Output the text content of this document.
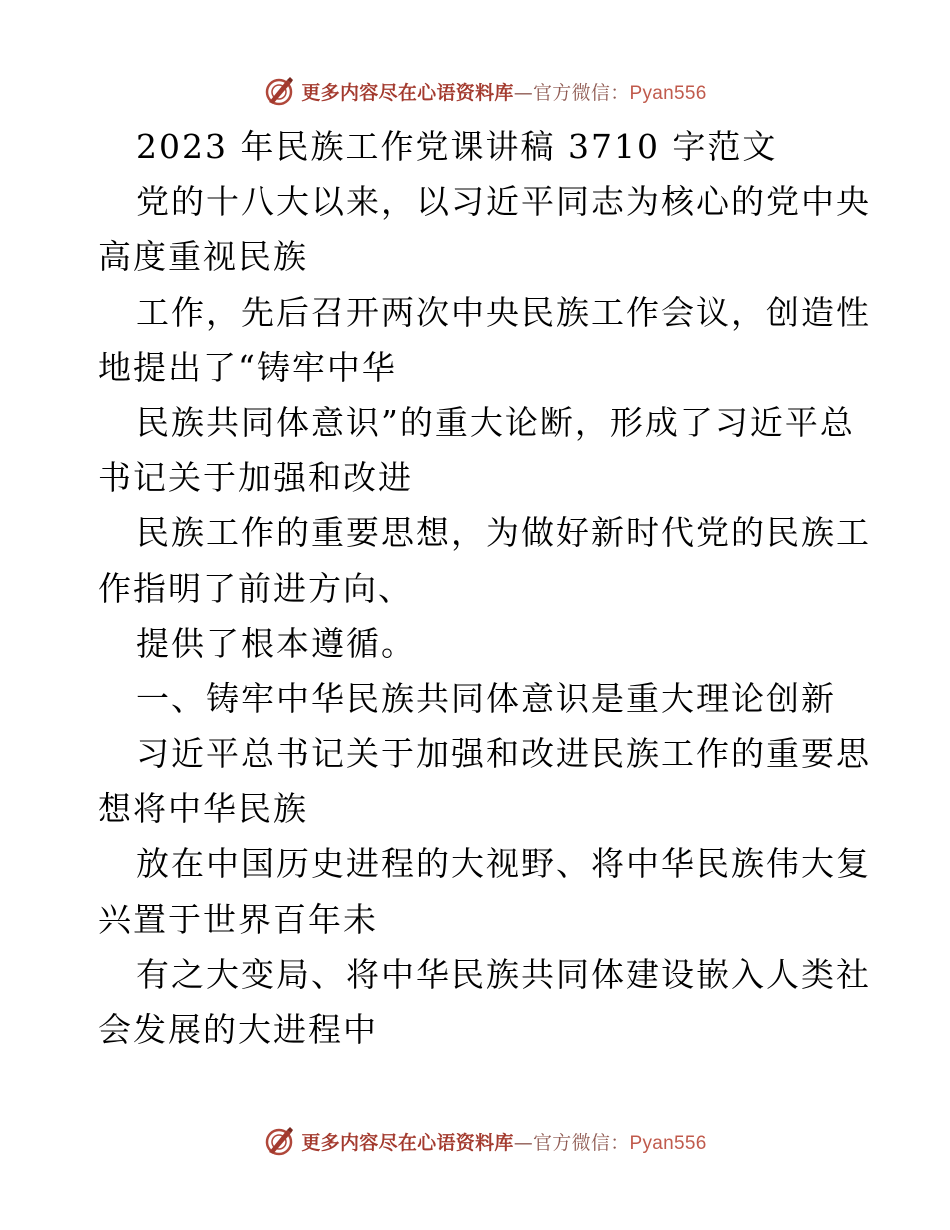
更多内容尽在心语资料库—官方微信：Pyan556
2023 年民族工作党课讲稿 3710 字范文
党的十八大以来，以习近平同志为核心的党中央
高度重视民族
工作，先后召开两次中央民族工作会议，创造性
地提出了“铸牢中华
民族共同体意识”的重大论断，形成了习近平总
书记关于加强和改进
民族工作的重要思想，为做好新时代党的民族工
作指明了前进方向、
提供了根本遵循。
一、铸牢中华民族共同体意识是重大理论创新
习近平总书记关于加强和改进民族工作的重要思
想将中华民族
放在中国历史进程的大视野、将中华民族伟大复
兴置于世界百年未
有之大变局、将中华民族共同体建设嵌入人类社
会发展的大进程中
更多内容尽在心语资料库—官方微信：Pyan556
